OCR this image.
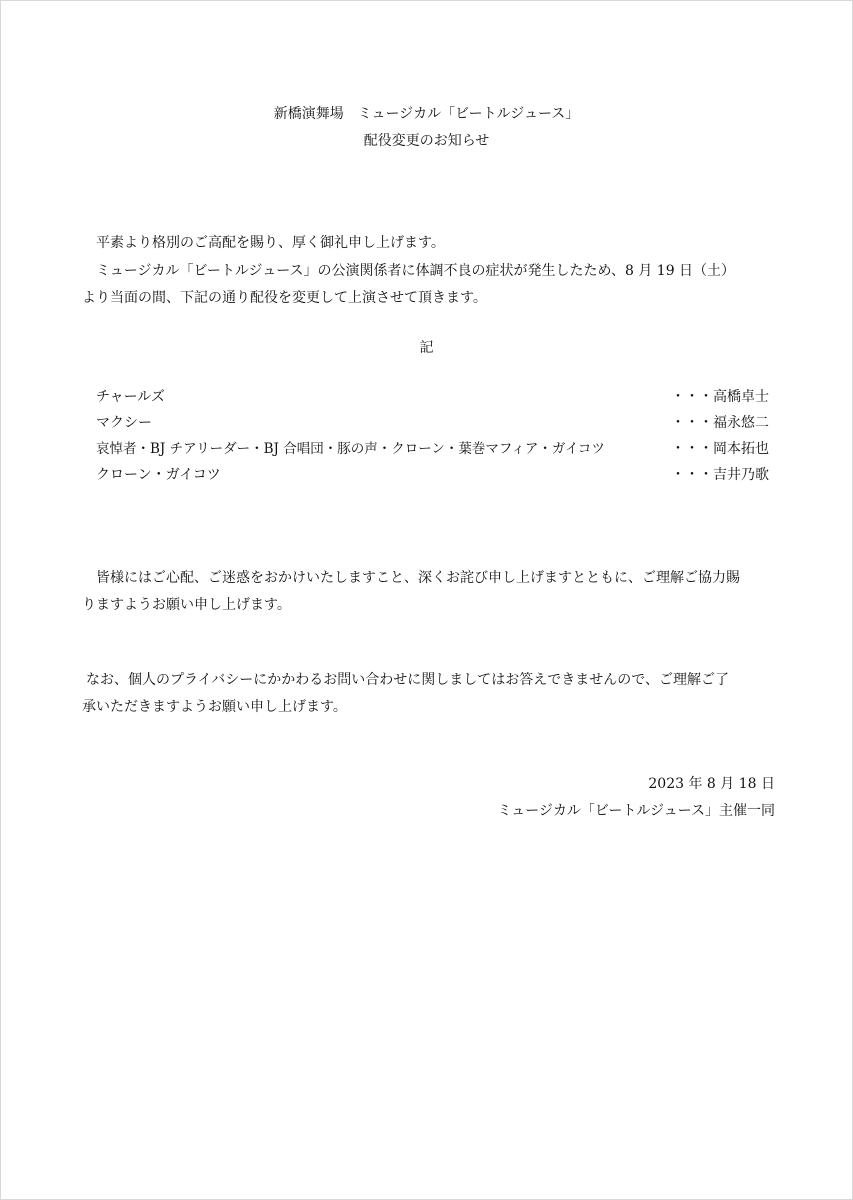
新橋演舞場　ミュージカル「ビートルジュース」
配役変更のお知らせ
平素より格別のご高配を賜り、厚く御礼申し上げます。
ミュージカル「ビートルジュース」の公演関係者に体調不良の症状が発生したため、8 月 19 日（土）
より当面の間、下記の通り配役を変更して上演させて頂きます。
記
チャールズ	・・・高橋卓士
マクシー	・・・福永悠二
哀悼者・BJ チアリーダー・BJ 合唱団・豚の声・クローン・葉巻マフィア・ガイコツ	・・・岡本拓也
クローン・ガイコツ	・・・吉井乃歌
皆様にはご心配、ご迷惑をおかけいたしますこと、深くお詫び申し上げますとともに、ご理解ご協力賜
りますようお願い申し上げます。
なお、個人のプライバシーにかかわるお問い合わせに関しましてはお答えできませんので、ご理解ご了
承いただきますようお願い申し上げます。
2023 年 8 月 18 日
ミュージカル「ビートルジュース」主催一同
